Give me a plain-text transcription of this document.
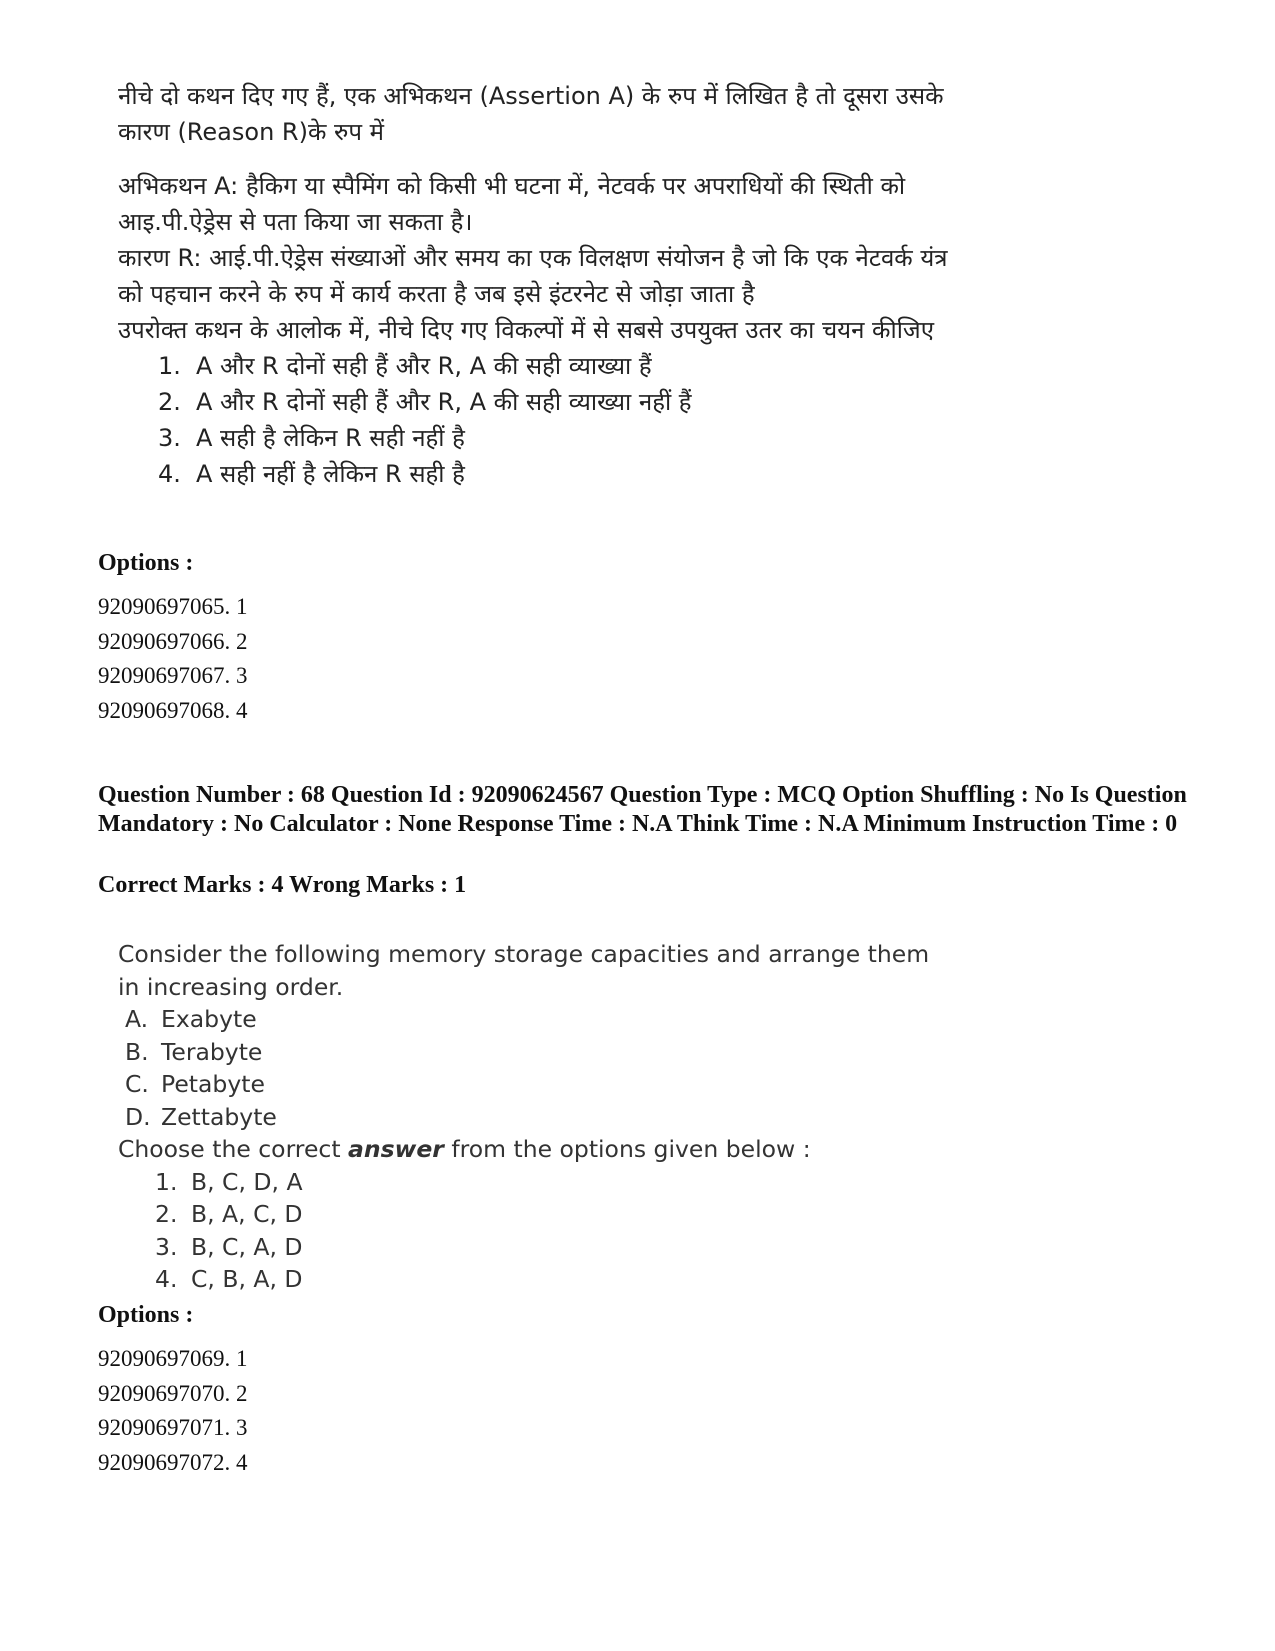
नीचे दो कथन दिए गए हैं, एक अभिकथन (Assertion A) के रुप में लिखित है तो दूसरा उसके कारण (Reason R)के रुप में

अभिकथन A: हैकिग या स्पैमिंग को किसी भी घटना में, नेटवर्क पर अपराधियों की स्थिती को आइ.पी.ऐड्रेस से पता किया जा सकता है।

कारण R: आई.पी.ऐड्रेस संख्याओं और समय का एक विलक्षण संयोजन है जो कि एक नेटवर्क यंत्र को पहचान करने के रुप में कार्य करता है जब इसे इंटरनेट से जोड़ा जाता है

उपरोक्त कथन के आलोक में, नीचे दिए गए विकल्पों में से सबसे उपयुक्त उतर का चयन कीजिए

1. A और R दोनों सही हैं और R, A की सही व्याख्या हैं
2. A और R दोनों सही हैं और R, A की सही व्याख्या नहीं हैं
3. A सही है लेकिन R सही नहीं है
4. A सही नहीं है लेकिन R सही है
Options :
92090697065. 1
92090697066. 2
92090697067. 3
92090697068. 4
Question Number : 68 Question Id : 92090624567 Question Type : MCQ Option Shuffling : No Is Question Mandatory : No Calculator : None Response Time : N.A Think Time : N.A Minimum Instruction Time : 0
Correct Marks : 4 Wrong Marks : 1

Consider the following memory storage capacities and arrange them in increasing order.

A. Exabyte
B. Terabyte
C. Petabyte
D. Zettabyte

Choose the correct answer from the options given below :

1. B, C, D, A
2. B, A, C, D
3. B, C, A, D
4. C, B, A, D
Options :
92090697069. 1
92090697070. 2
92090697071. 3
92090697072. 4
